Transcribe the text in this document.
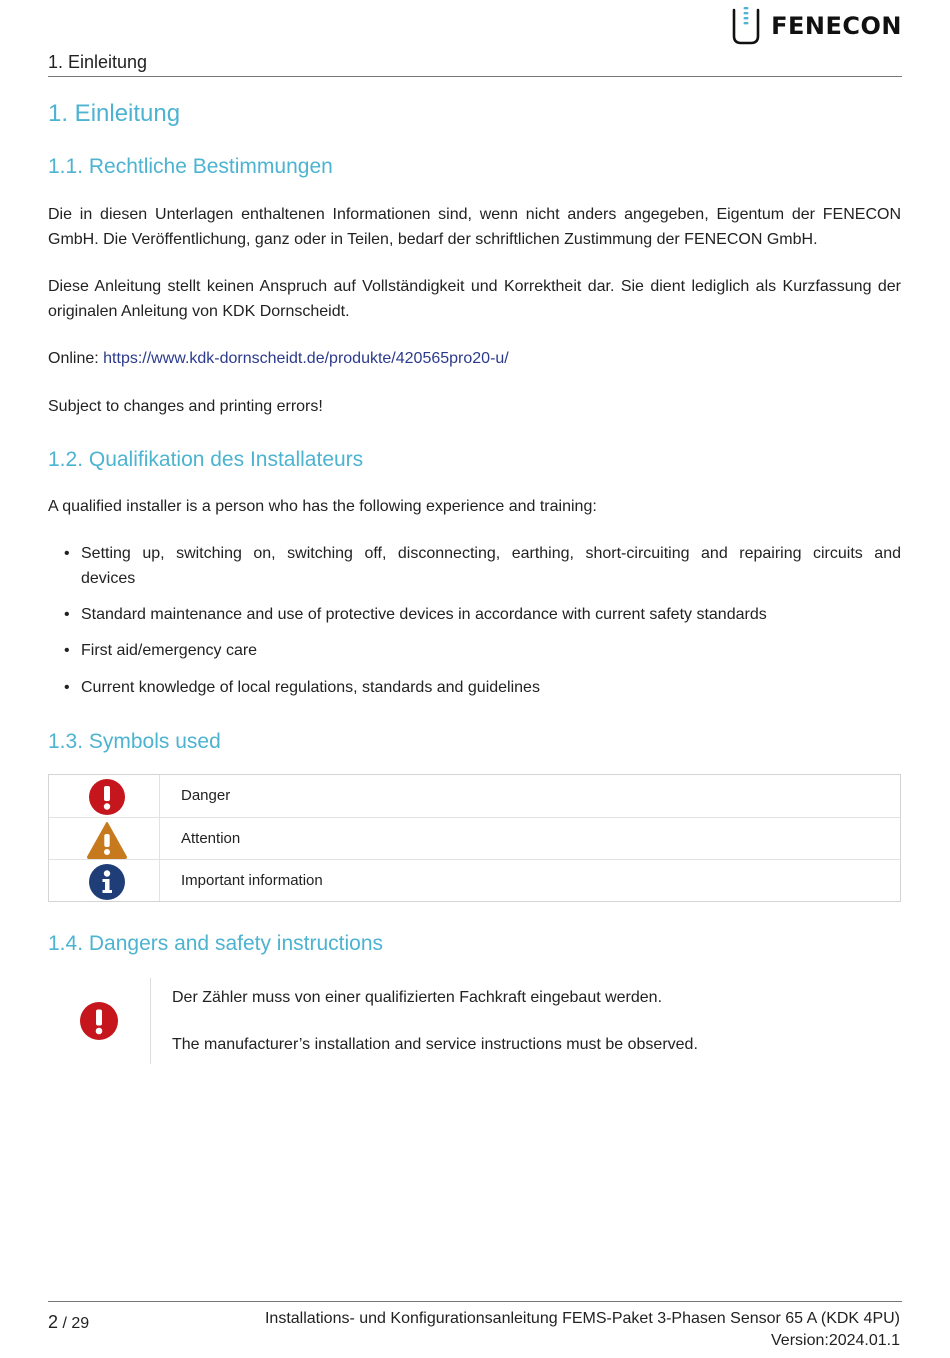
FENECON
1. Einleitung
1. Einleitung
1.1. Rechtliche Bestimmungen
Die in diesen Unterlagen enthaltenen Informationen sind, wenn nicht anders angegeben, Eigentum der FENECON
GmbH. Die Veröffentlichung, ganz oder in Teilen, bedarf der schriftlichen Zustimmung der FENECON GmbH.
Diese Anleitung stellt keinen Anspruch auf Vollständigkeit und Korrektheit dar. Sie dient lediglich als Kurzfassung der
originalen Anleitung von KDK Dornscheidt.
Online: https://www.kdk-dornscheidt.de/produkte/420565pro20-u/
Subject to changes and printing errors!
1.2. Qualifikation des Installateurs
A qualified installer is a person who has the following experience and training:
• Setting up, switching on, switching off, disconnecting, earthing, short-circuiting and repairing circuits and
devices
• Standard maintenance and use of protective devices in accordance with current safety standards
• First aid/emergency care
• Current knowledge of local regulations, standards and guidelines
1.3. Symbols used
Danger
Attention
Important information
1.4. Dangers and safety instructions
Der Zähler muss von einer qualifizierten Fachkraft eingebaut werden.
The manufacturer’s installation and service instructions must be observed.
2 / 29	Installations- und Konfigurationsanleitung FEMS-Paket 3-Phasen Sensor 65 A (KDK 4PU)
Version:2024.01.1
